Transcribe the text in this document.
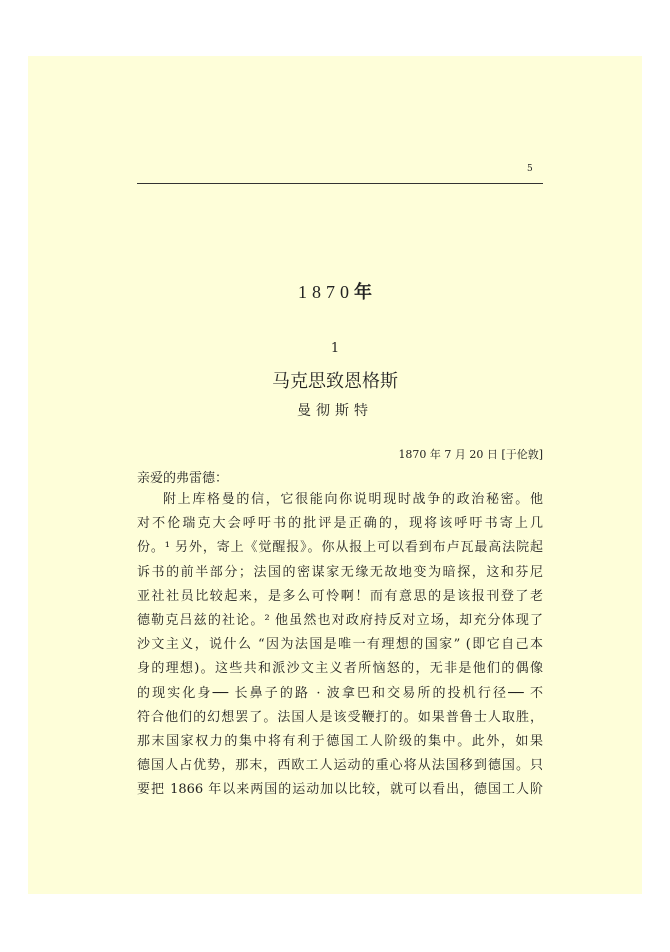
5
1870年
1
马克思致恩格斯
曼彻斯特
1870 年 7 月 20 日 [于伦敦]
亲爱的弗雷德：
附上库格曼的信，它很能向你说明现时战争的政治秘密。他
对不伦瑞克大会呼吁书的批评是正确的，现将该呼吁书寄上几
份。¹ 另外，寄上《觉醒报》。你从报上可以看到布卢瓦最高法院起
诉书的前半部分；法国的密谋家无缘无故地变为暗探，这和芬尼
亚社社员比较起来，是多么可怜啊！而有意思的是该报刊登了老
德勒克吕兹的社论。² 他虽然也对政府持反对立场，却充分体现了
沙文主义，说什么 “因为法国是唯一有理想的国家” (即它自己本
身的理想)。这些共和派沙文主义者所恼怒的，无非是他们的偶像
的现实化身── 长鼻子的路 · 波拿巴和交易所的投机行径── 不
符合他们的幻想罢了。法国人是该受鞭打的。如果普鲁士人取胜，
那末国家权力的集中将有利于德国工人阶级的集中。此外，如果
德国人占优势，那末，西欧工人运动的重心将从法国移到德国。只
要把 1866 年以来两国的运动加以比较，就可以看出，德国工人阶
